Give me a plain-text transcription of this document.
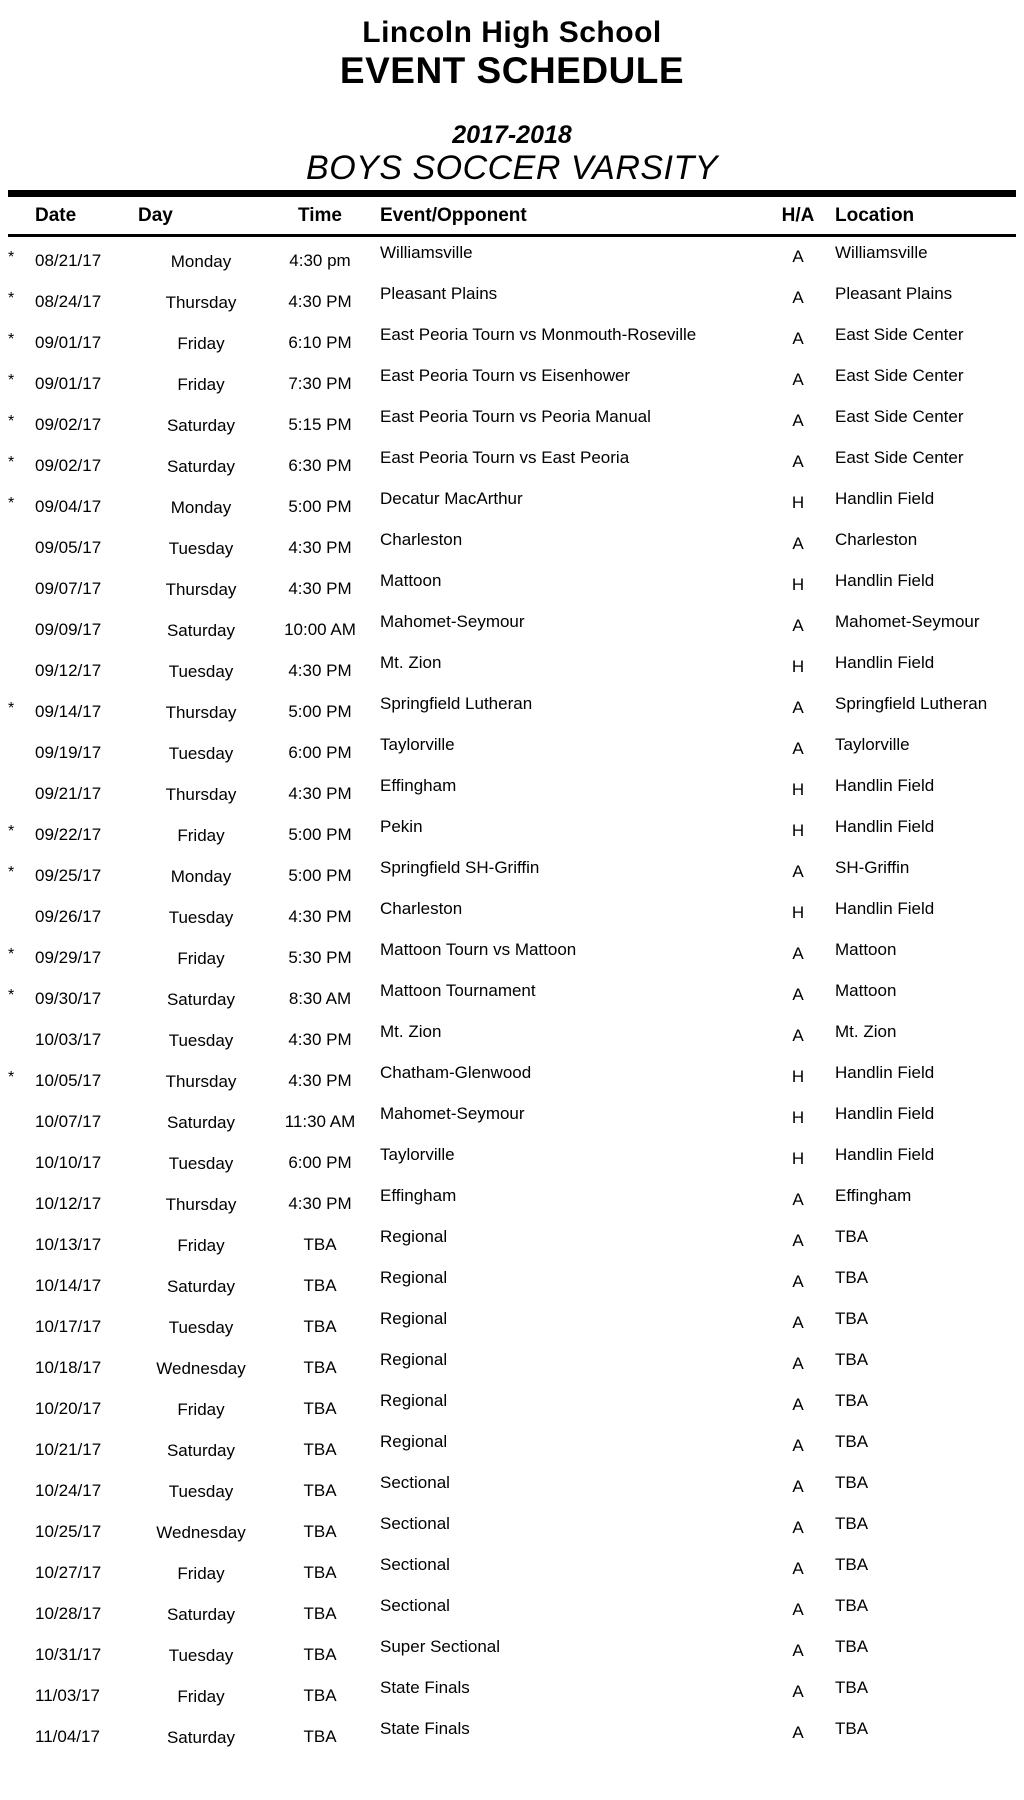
Lincoln High School
EVENT SCHEDULE
2017-2018
BOYS SOCCER VARSITY
Date	Day	Time	Event/Opponent	H/A	Location
*	08/21/17	Monday	4:30 pm	Williamsville	A	Williamsville
*	08/24/17	Thursday	4:30 PM	Pleasant Plains	A	Pleasant Plains
*	09/01/17	Friday	6:10 PM	East Peoria Tourn vs Monmouth-Roseville	A	East Side Center
*	09/01/17	Friday	7:30 PM	East Peoria Tourn vs Eisenhower	A	East Side Center
*	09/02/17	Saturday	5:15 PM	East Peoria Tourn vs Peoria Manual	A	East Side Center
*	09/02/17	Saturday	6:30 PM	East Peoria Tourn vs East Peoria	A	East Side Center
*	09/04/17	Monday	5:00 PM	Decatur MacArthur	H	Handlin Field
09/05/17	Tuesday	4:30 PM	Charleston	A	Charleston
09/07/17	Thursday	4:30 PM	Mattoon	H	Handlin Field
09/09/17	Saturday	10:00 AM	Mahomet-Seymour	A	Mahomet-Seymour
09/12/17	Tuesday	4:30 PM	Mt. Zion	H	Handlin Field
*	09/14/17	Thursday	5:00 PM	Springfield Lutheran	A	Springfield Lutheran
09/19/17	Tuesday	6:00 PM	Taylorville	A	Taylorville
09/21/17	Thursday	4:30 PM	Effingham	H	Handlin Field
*	09/22/17	Friday	5:00 PM	Pekin	H	Handlin Field
*	09/25/17	Monday	5:00 PM	Springfield SH-Griffin	A	SH-Griffin
09/26/17	Tuesday	4:30 PM	Charleston	H	Handlin Field
*	09/29/17	Friday	5:30 PM	Mattoon Tourn vs Mattoon	A	Mattoon
*	09/30/17	Saturday	8:30 AM	Mattoon Tournament	A	Mattoon
10/03/17	Tuesday	4:30 PM	Mt. Zion	A	Mt. Zion
*	10/05/17	Thursday	4:30 PM	Chatham-Glenwood	H	Handlin Field
10/07/17	Saturday	11:30 AM	Mahomet-Seymour	H	Handlin Field
10/10/17	Tuesday	6:00 PM	Taylorville	H	Handlin Field
10/12/17	Thursday	4:30 PM	Effingham	A	Effingham
10/13/17	Friday	TBA	Regional	A	TBA
10/14/17	Saturday	TBA	Regional	A	TBA
10/17/17	Tuesday	TBA	Regional	A	TBA
10/18/17	Wednesday	TBA	Regional	A	TBA
10/20/17	Friday	TBA	Regional	A	TBA
10/21/17	Saturday	TBA	Regional	A	TBA
10/24/17	Tuesday	TBA	Sectional	A	TBA
10/25/17	Wednesday	TBA	Sectional	A	TBA
10/27/17	Friday	TBA	Sectional	A	TBA
10/28/17	Saturday	TBA	Sectional	A	TBA
10/31/17	Tuesday	TBA	Super Sectional	A	TBA
11/03/17	Friday	TBA	State Finals	A	TBA
11/04/17	Saturday	TBA	State Finals	A	TBA
